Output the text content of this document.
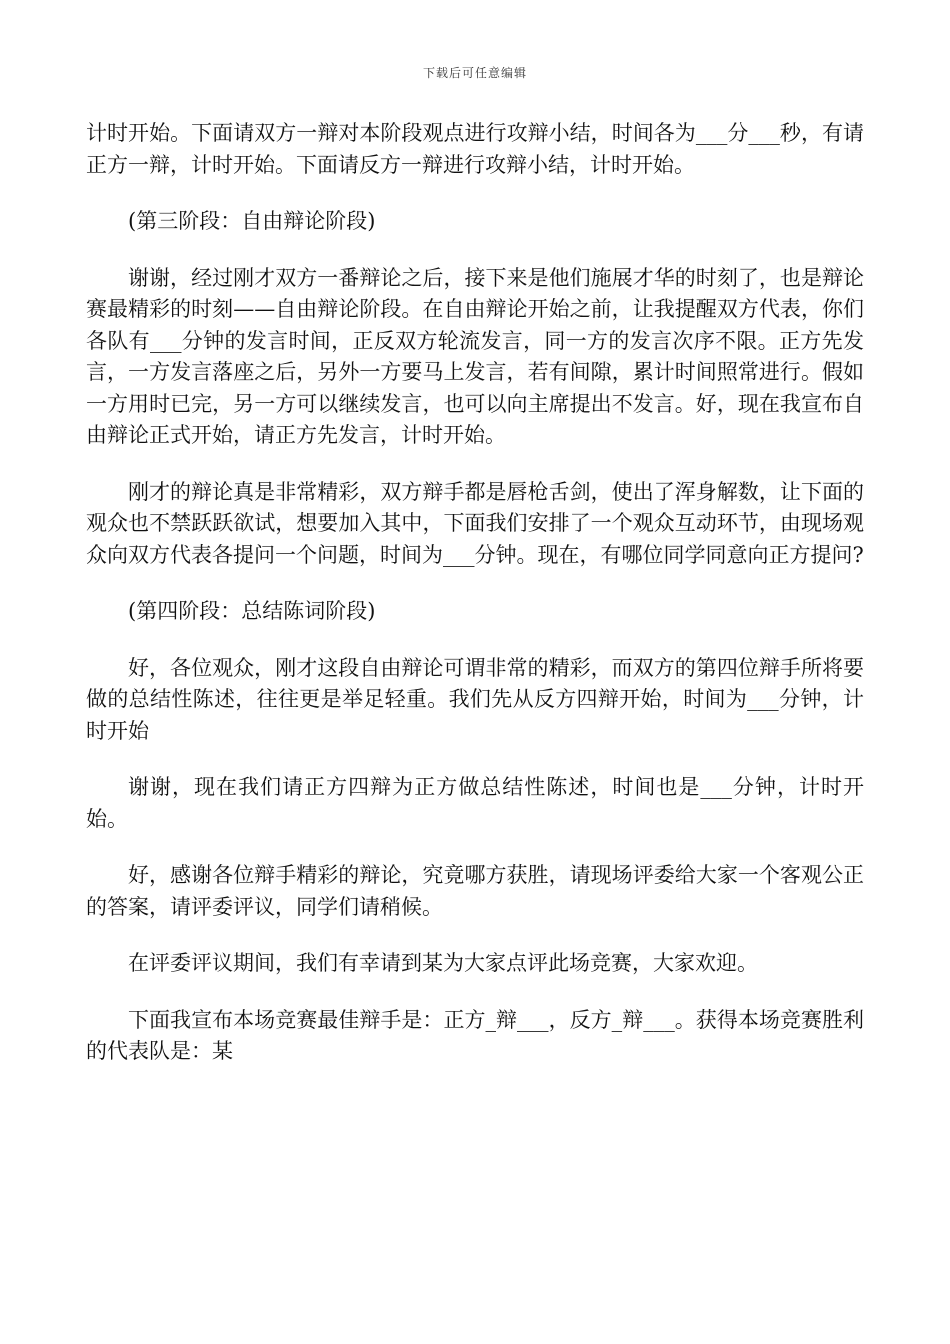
下载后可任意编辑

计时开始。下面请双方一辩对本阶段观点进行攻辩小结，时间各为___分___秒，有请正方一辩，计时开始。下面请反方一辩进行攻辩小结，计时开始。

(第三阶段：自由辩论阶段)

谢谢，经过刚才双方一番辩论之后，接下来是他们施展才华的时刻了，也是辩论赛最精彩的时刻——自由辩论阶段。在自由辩论开始之前，让我提醒双方代表，你们各队有___分钟的发言时间，正反双方轮流发言，同一方的发言次序不限。正方先发言，一方发言落座之后，另外一方要马上发言，若有间隙，累计时间照常进行。假如一方用时已完，另一方可以继续发言，也可以向主席提出不发言。好，现在我宣布自由辩论正式开始，请正方先发言，计时开始。

刚才的辩论真是非常精彩，双方辩手都是唇枪舌剑，使出了浑身解数，让下面的观众也不禁跃跃欲试，想要加入其中，下面我们安排了一个观众互动环节，由现场观众向双方代表各提问一个问题，时间为___分钟。现在，有哪位同学同意向正方提问?

(第四阶段：总结陈词阶段)

好，各位观众，刚才这段自由辩论可谓非常的精彩，而双方的第四位辩手所将要做的总结性陈述，往往更是举足轻重。我们先从反方四辩开始，时间为___分钟，计时开始

谢谢，现在我们请正方四辩为正方做总结性陈述，时间也是___分钟，计时开始。

好，感谢各位辩手精彩的辩论，究竟哪方获胜，请现场评委给大家一个客观公正的答案，请评委评议，同学们请稍候。

在评委评议期间，我们有幸请到某为大家点评此场竞赛，大家欢迎。

下面我宣布本场竞赛最佳辩手是：正方_辩___，反方_辩___。获得本场竞赛胜利的代表队是：某
